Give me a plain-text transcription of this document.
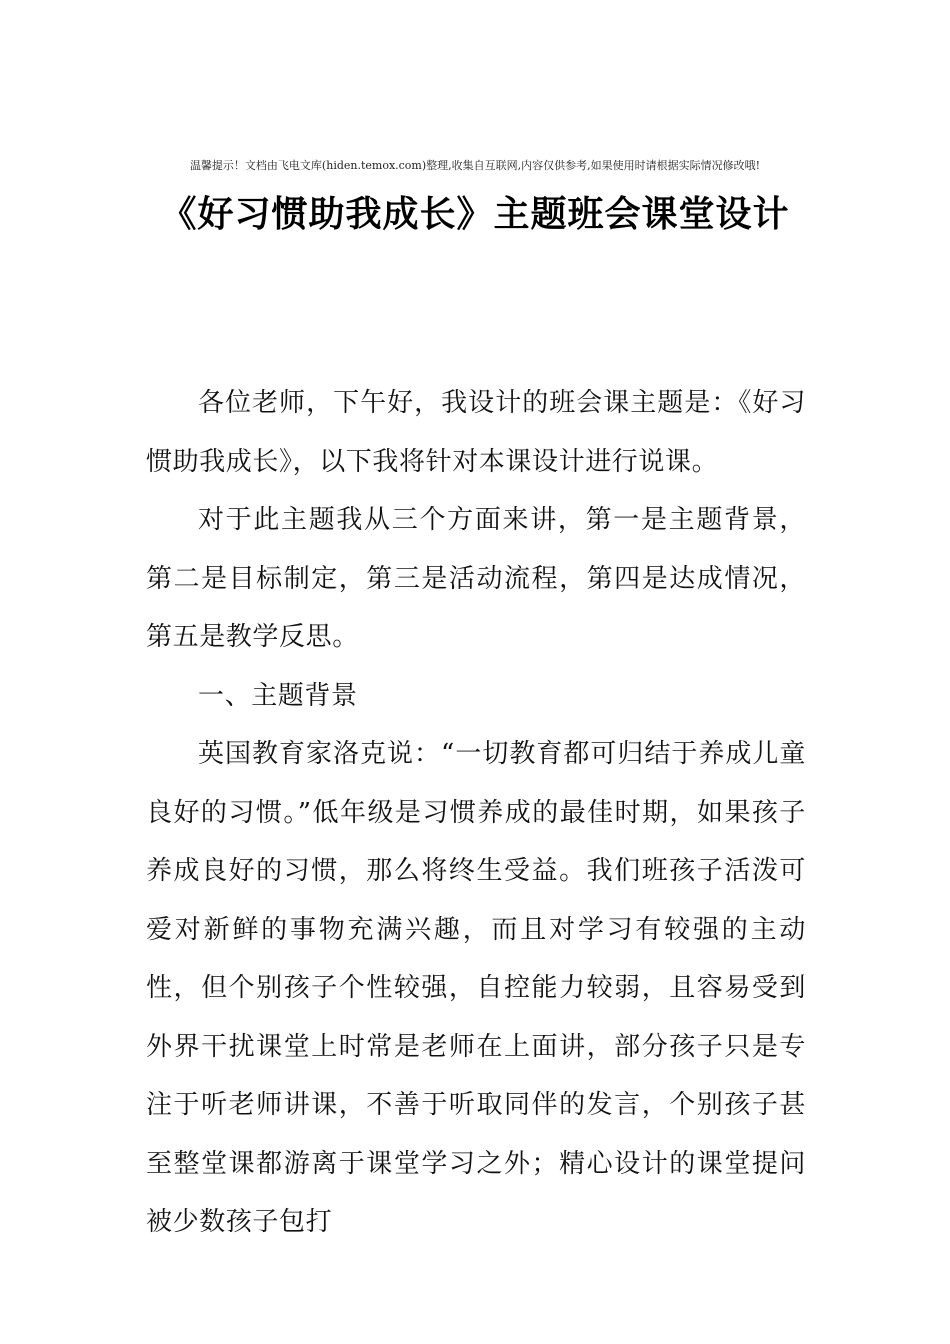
温馨提示！文档由飞电文库(hiden.temox.com)整理,收集自互联网,内容仅供参考,如果使用时请根据实际情况修改哦!
《好习惯助我成长》主题班会课堂设计

各位老师，下午好，我设计的班会课主题是：《好习惯助我成长》，以下我将针对本课设计进行说课。

对于此主题我从三个方面来讲，第一是主题背景，第二是目标制定，第三是活动流程，第四是达成情况，第五是教学反思。

一、主题背景

英国教育家洛克说：“一切教育都可归结于养成儿童良好的习惯。”低年级是习惯养成的最佳时期，如果孩子养成良好的习惯，那么将终生受益。我们班孩子活泼可爱对新鲜的事物充满兴趣，而且对学习有较强的主动性，但个别孩子个性较强，自控能力较弱，且容易受到外界干扰课堂上时常是老师在上面讲，部分孩子只是专注于听老师讲课，不善于听取同伴的发言，个别孩子甚至整堂课都游离于课堂学习之外；精心设计的课堂提问被少数孩子包打
